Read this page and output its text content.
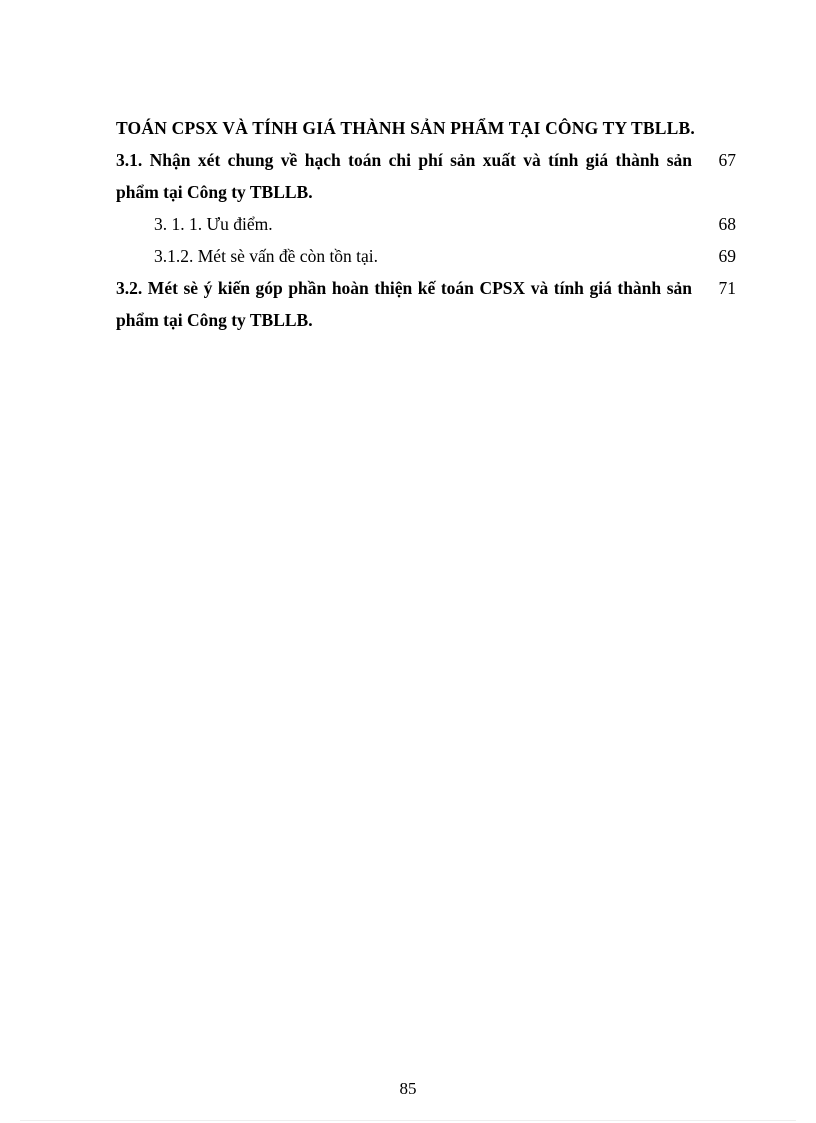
TOÁN CPSX VÀ TÍNH GIÁ THÀNH SẢN PHẨM TẠI CÔNG TY TBLLB.
3.1. Nhận xét chung về hạch toán chi phí sản xuất và tính giá thành sản phẩm tại Công ty TBLLB.
67
3. 1. 1. Ưu điểm.	68
3.1.2. Mét sè vấn đề còn tồn tại.	69
3.2. Mét sè ý kiến góp phần hoàn thiện kế toán CPSX và tính giá thành sản phẩm tại Công ty TBLLB.
71
85
